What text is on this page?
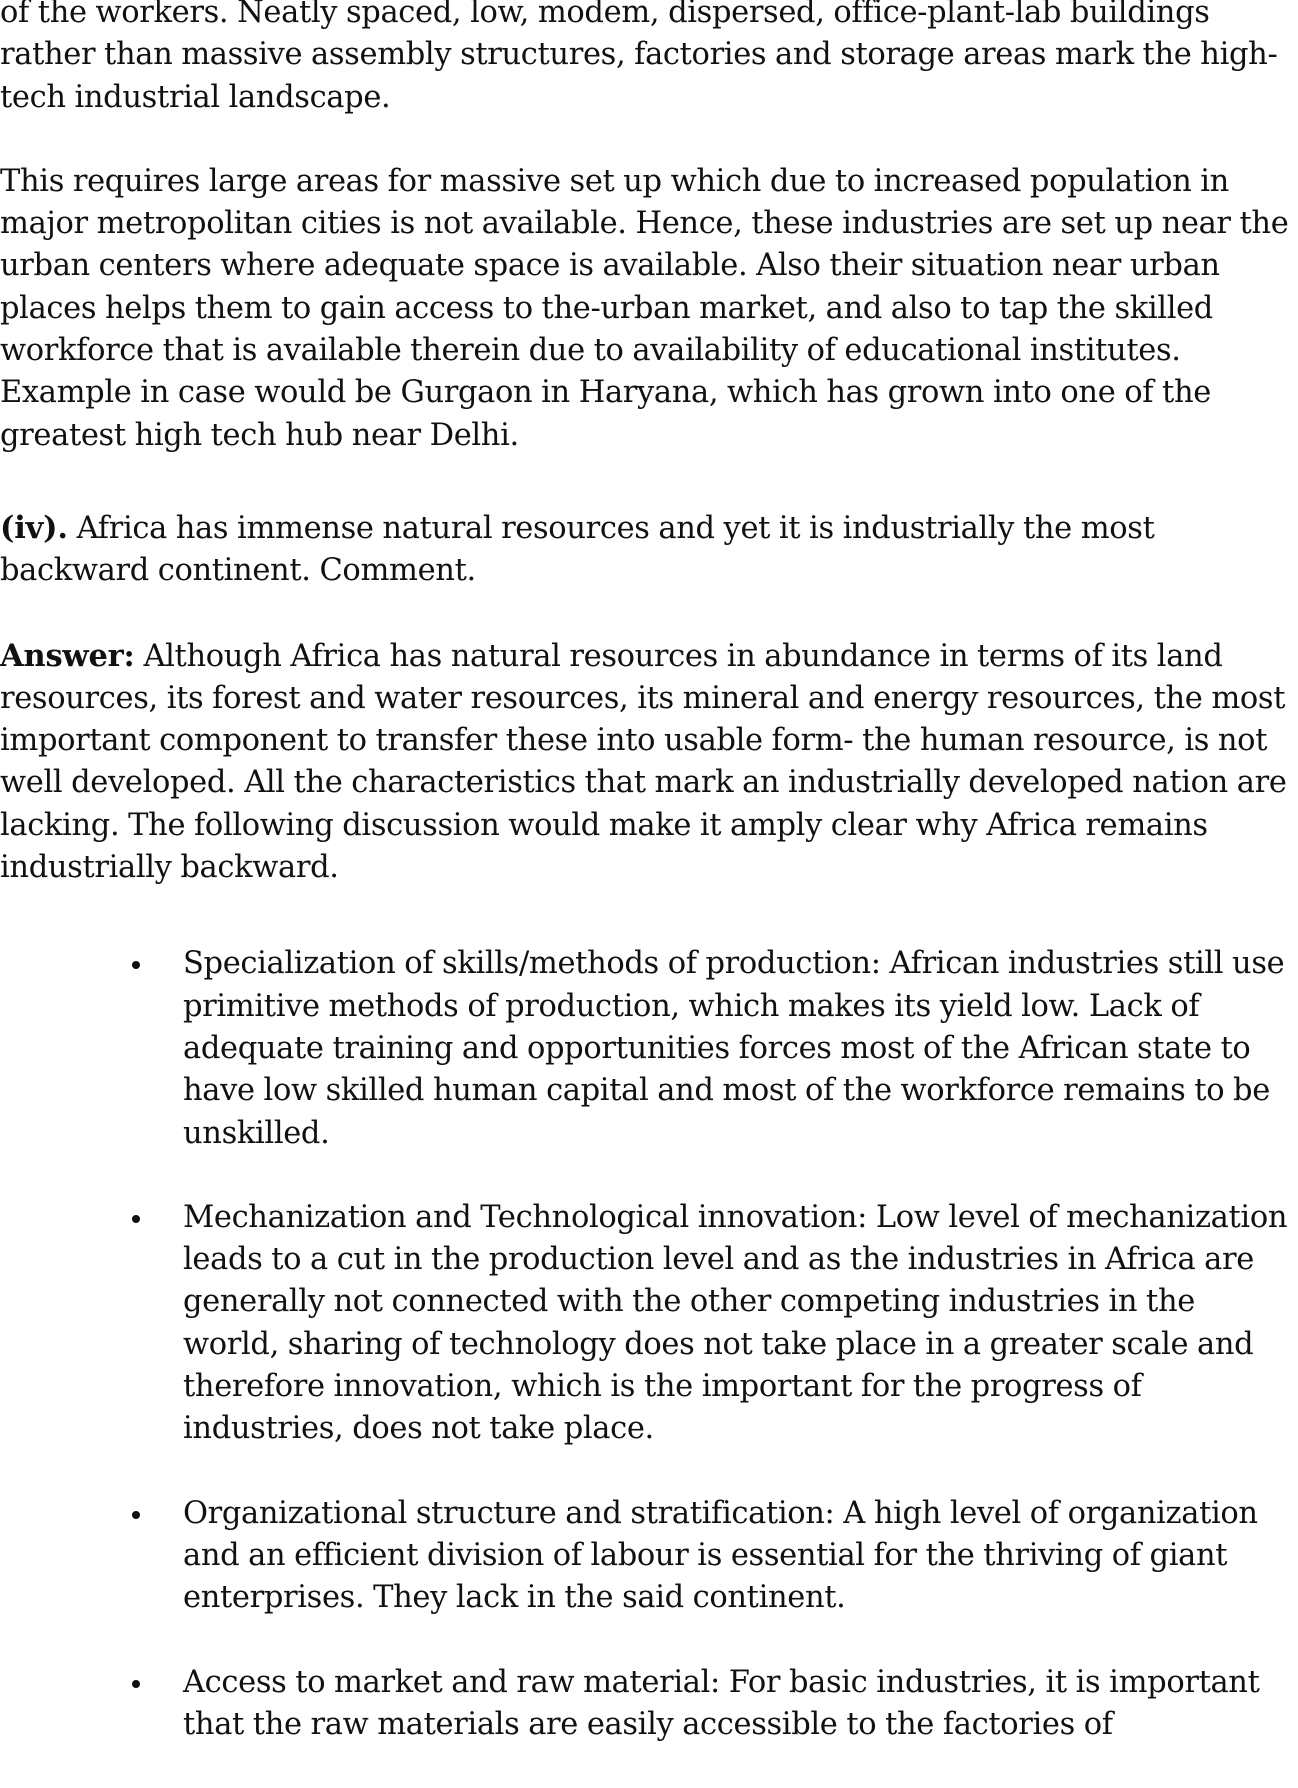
of the workers. Neatly spaced, low, modem, dispersed, office-plant-lab buildings rather than massive assembly structures, factories and storage areas mark the high-tech industrial landscape.

This requires large areas for massive set up which due to increased population in major metropolitan cities is not available. Hence, these industries are set up near the urban centers where adequate space is available. Also their situation near urban places helps them to gain access to the-urban market, and also to tap the skilled workforce that is available therein due to availability of educational institutes. Example in case would be Gurgaon in Haryana, which has grown into one of the greatest high tech hub near Delhi.

(iv). Africa has immense natural resources and yet it is industrially the most backward continent. Comment.

Answer: Although Africa has natural resources in abundance in terms of its land resources, its forest and water resources, its mineral and energy resources, the most important component to transfer these into usable form- the human resource, is not well developed. All the characteristics that mark an industrially developed nation are lacking. The following discussion would make it amply clear why Africa remains industrially backward.

Specialization of skills/methods of production: African industries still use primitive methods of production, which makes its yield low. Lack of adequate training and opportunities forces most of the African state to have low skilled human capital and most of the workforce remains to be unskilled.
Mechanization and Technological innovation: Low level of mechanization leads to a cut in the production level and as the industries in Africa are generally not connected with the other competing industries in the world, sharing of technology does not take place in a greater scale and therefore innovation, which is the important for the progress of industries, does not take place.
Organizational structure and stratification: A high level of organization and an efficient division of labour is essential for the thriving of giant enterprises. They lack in the said continent.
Access to market and raw material: For basic industries, it is important that the raw materials are easily accessible to the factories of
